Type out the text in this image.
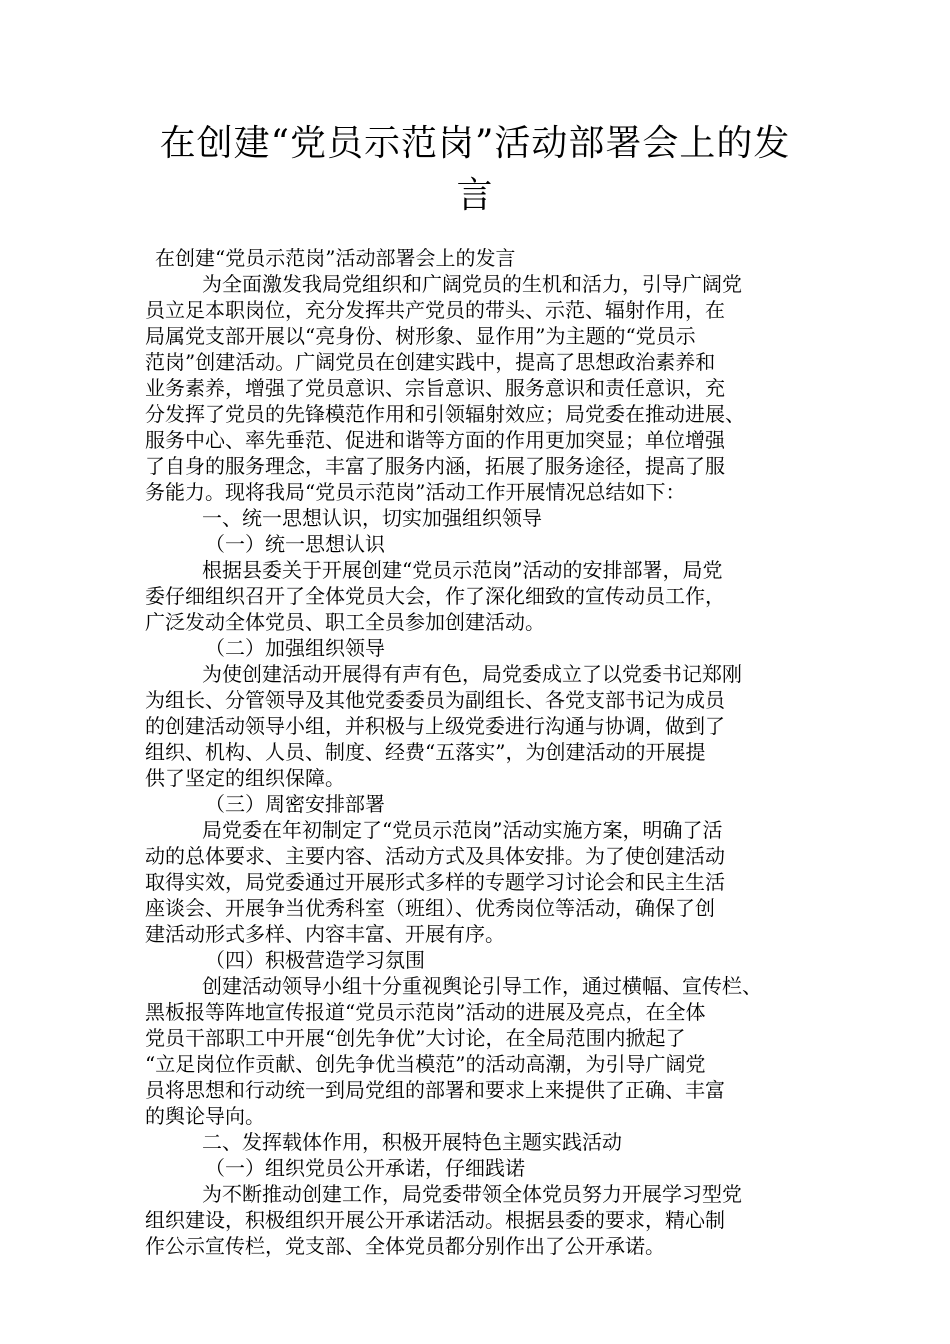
在创建“党员示范岗”活动部署会上的发
言

在创建“党员示范岗”活动部署会上的发言

为全面激发我局党组织和广阔党员的生机和活力，引导广阔党

员立足本职岗位，充分发挥共产党员的带头、示范、辐射作用，在

局属党支部开展以“亮身份、树形象、显作用”为主题的“党员示

范岗”创建活动。广阔党员在创建实践中，提高了思想政治素养和

业务素养，增强了党员意识、宗旨意识、服务意识和责任意识，充

分发挥了党员的先锋模范作用和引领辐射效应；局党委在推动进展、

服务中心、率先垂范、促进和谐等方面的作用更加突显；单位增强

了自身的服务理念，丰富了服务内涵，拓展了服务途径，提高了服

务能力。现将我局“党员示范岗”活动工作开展情况总结如下：

一、统一思想认识，切实加强组织领导

（一）统一思想认识

根据县委关于开展创建“党员示范岗”活动的安排部署，局党

委仔细组织召开了全体党员大会，作了深化细致的宣传动员工作，

广泛发动全体党员、职工全员参加创建活动。

（二）加强组织领导

为使创建活动开展得有声有色，局党委成立了以党委书记郑刚

为组长、分管领导及其他党委委员为副组长、各党支部书记为成员

的创建活动领导小组，并积极与上级党委进行沟通与协调，做到了

组织、机构、人员、制度、经费“五落实”，为创建活动的开展提

供了坚定的组织保障。

（三）周密安排部署

局党委在年初制定了“党员示范岗”活动实施方案，明确了活

动的总体要求、主要内容、活动方式及具体安排。为了使创建活动

取得实效，局党委通过开展形式多样的专题学习讨论会和民主生活

座谈会、开展争当优秀科室（班组）、优秀岗位等活动，确保了创

建活动形式多样、内容丰富、开展有序。

（四）积极营造学习氛围

创建活动领导小组十分重视舆论引导工作，通过横幅、宣传栏、

黑板报等阵地宣传报道“党员示范岗”活动的进展及亮点，在全体

党员干部职工中开展“创先争优”大讨论，在全局范围内掀起了

“立足岗位作贡献、创先争优当模范”的活动高潮，为引导广阔党

员将思想和行动统一到局党组的部署和要求上来提供了正确、丰富

的舆论导向。

二、发挥载体作用，积极开展特色主题实践活动

（一）组织党员公开承诺，仔细践诺

为不断推动创建工作，局党委带领全体党员努力开展学习型党

组织建设，积极组织开展公开承诺活动。根据县委的要求，精心制

作公示宣传栏，党支部、全体党员都分别作出了公开承诺。
